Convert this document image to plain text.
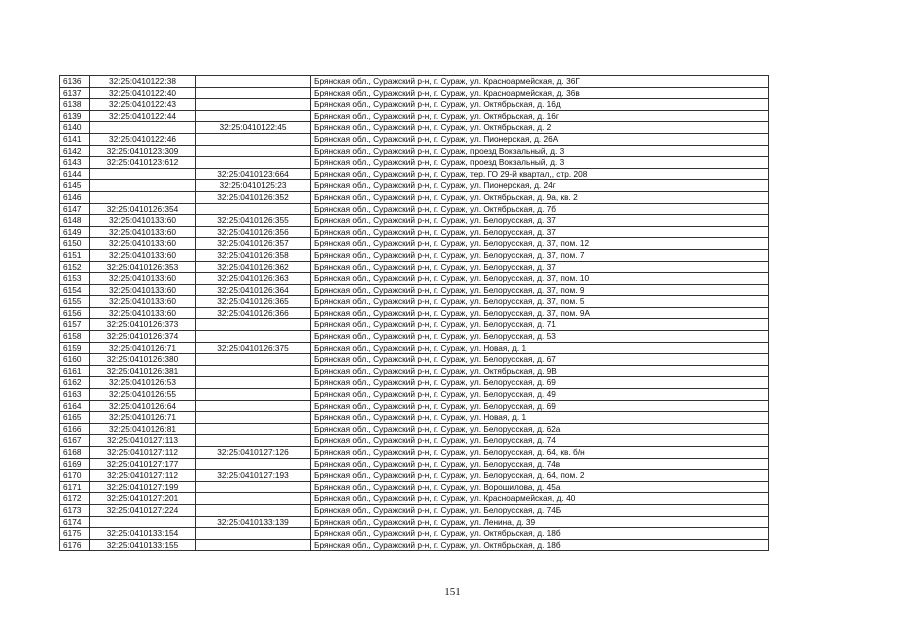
6136	32:25:0410122:38		Брянская обл., Суражский р-н, г. Сураж, ул. Красноармейская, д. 36Г
6137	32:25:0410122:40		Брянская обл., Суражский р-н, г. Сураж, ул. Красноармейская, д. 36в
6138	32:25:0410122:43		Брянская обл., Суражский р-н, г. Сураж, ул. Октябрьская, д. 16д
6139	32:25:0410122:44		Брянская обл., Суражский р-н, г. Сураж, ул. Октябрьская, д. 16г
6140		32:25:0410122:45	Брянская обл., Суражский р-н, г. Сураж, ул. Октябрьская, д. 2
6141	32:25:0410122:46		Брянская обл., Суражский р-н, г. Сураж, ул. Пионерская, д. 26А
6142	32:25:0410123:309		Брянская обл., Суражский р-н, г. Сураж, проезд Вокзальный, д. 3
6143	32:25:0410123:612		Брянская обл., Суражский р-н, г. Сураж, проезд Вокзальный, д. 3
6144		32:25:0410123:664	Брянская обл., Суражский р-н, г. Сураж, тер. ГО 29-й квартал,, стр. 208
6145		32:25:0410125:23	Брянская обл., Суражский р-н, г. Сураж, ул. Пионерская, д. 24г
6146		32:25:0410126:352	Брянская обл., Суражский р-н, г. Сураж, ул. Октябрьская, д. 9а, кв. 2
6147	32:25:0410126:354		Брянская обл., Суражский р-н, г. Сураж, ул. Октябрьская, д. 7б
6148	32:25:0410133:60	32:25:0410126:355	Брянская обл., Суражский р-н, г. Сураж, ул. Белорусская, д. 37
6149	32:25:0410133:60	32:25:0410126:356	Брянская обл., Суражский р-н, г. Сураж, ул. Белорусская, д. 37
6150	32:25:0410133:60	32:25:0410126:357	Брянская обл., Суражский р-н, г. Сураж, ул. Белорусская, д. 37, пом. 12
6151	32:25:0410133:60	32:25:0410126:358	Брянская обл., Суражский р-н, г. Сураж, ул. Белорусская, д. 37, пом. 7
6152	32:25:0410126:353	32:25:0410126:362	Брянская обл., Суражский р-н, г. Сураж, ул. Белорусская, д. 37
6153	32:25:0410133:60	32:25:0410126:363	Брянская обл., Суражский р-н, г. Сураж, ул. Белорусская, д. 37, пом. 10
6154	32:25:0410133:60	32:25:0410126:364	Брянская обл., Суражский р-н, г. Сураж, ул. Белорусская, д. 37, пом. 9
6155	32:25:0410133:60	32:25:0410126:365	Брянская обл., Суражский р-н, г. Сураж, ул. Белорусская, д. 37, пом. 5
6156	32:25:0410133:60	32:25:0410126:366	Брянская обл., Суражский р-н, г. Сураж, ул. Белорусская, д. 37, пом. 9А
6157	32:25:0410126:373		Брянская обл., Суражский р-н, г. Сураж, ул. Белорусская, д. 71
6158	32:25:0410126:374		Брянская обл., Суражский р-н, г. Сураж, ул. Белорусская, д. 53
6159	32:25:0410126:71	32:25:0410126:375	Брянская обл., Суражский р-н, г. Сураж, ул. Новая, д. 1
6160	32:25:0410126:380		Брянская обл., Суражский р-н, г. Сураж, ул. Белорусская, д. 67
6161	32:25:0410126:381		Брянская обл., Суражский р-н, г. Сураж, ул. Октябрьская, д. 9В
6162	32:25:0410126:53		Брянская обл., Суражский р-н, г. Сураж, ул. Белорусская, д. 69
6163	32:25:0410126:55		Брянская обл., Суражский р-н, г. Сураж, ул. Белорусская, д. 49
6164	32:25:0410126:64		Брянская обл., Суражский р-н, г. Сураж, ул. Белорусская, д. 69
6165	32:25:0410126:71		Брянская обл., Суражский р-н, г. Сураж, ул. Новая, д. 1
6166	32:25:0410126:81		Брянская обл., Суражский р-н, г. Сураж, ул. Белорусская, д. 62а
6167	32:25:0410127:113		Брянская обл., Суражский р-н, г. Сураж, ул. Белорусская, д. 74
6168	32:25:0410127:112	32:25:0410127:126	Брянская обл., Суражский р-н, г. Сураж, ул. Белорусская, д. 64, кв. б/н
6169	32:25:0410127:177		Брянская обл., Суражский р-н, г. Сураж, ул. Белорусская, д. 74в
6170	32:25:0410127:112	32:25:0410127:193	Брянская обл., Суражский р-н, г. Сураж, ул. Белорусская, д. 64, пом. 2
6171	32:25:0410127:199		Брянская обл., Суражский р-н, г. Сураж, ул. Ворошилова, д. 45а
6172	32:25:0410127:201		Брянская обл., Суражский р-н, г. Сураж, ул. Красноармейская, д. 40
6173	32:25:0410127:224		Брянская обл., Суражский р-н, г. Сураж, ул. Белорусская, д. 74Б
6174		32:25:0410133:139	Брянская обл., Суражский р-н, г. Сураж, ул. Ленина, д. 39
6175	32:25:0410133:154		Брянская обл., Суражский р-н, г. Сураж, ул. Октябрьская, д. 18б
6176	32:25:0410133:155		Брянская обл., Суражский р-н, г. Сураж, ул. Октябрьская, д. 18б
151
